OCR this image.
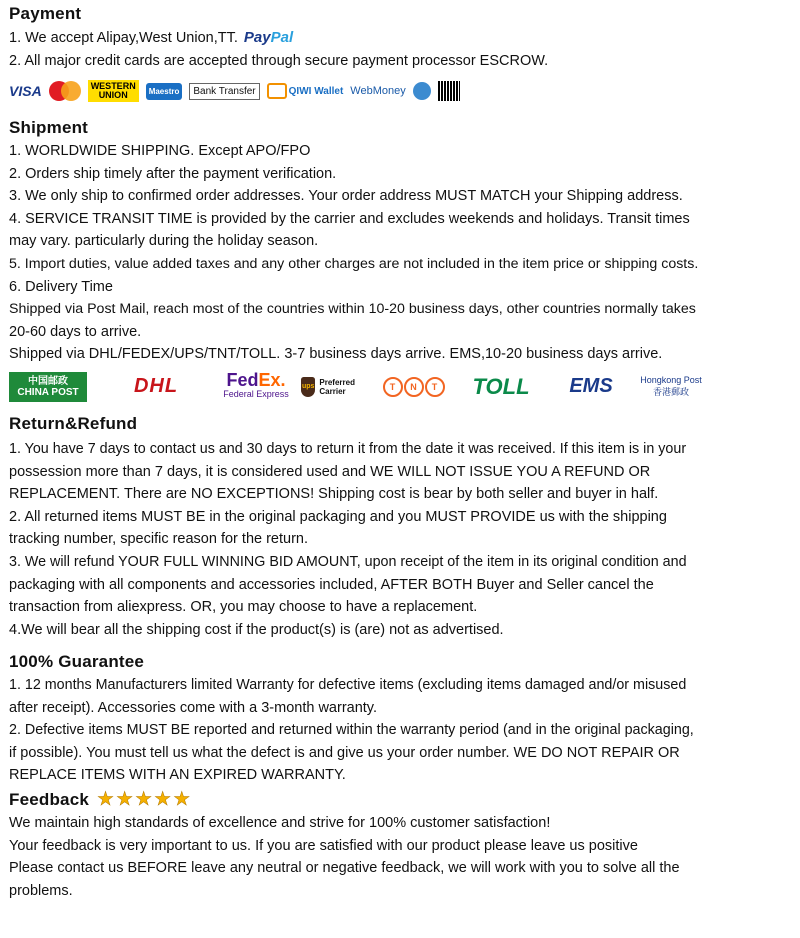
Payment

1. We accept Alipay,West Union,TT. PayPal

2. All major credit cards are accepted through secure payment processor ESCROW.

VISA	WESTERN
UNION	Maestro	Bank Transfer	QIWI Wallet WebMoney

Shipment

1. WORLDWIDE SHIPPING. Except APO/FPO

2. Orders ship timely after the payment verification.

3. We only ship to confirmed order addresses. Your order address MUST MATCH your Shipping address.

4. SERVICE TRANSIT TIME is provided by the carrier and excludes weekends and holidays. Transit times

may vary. particularly during the holiday season.

5. Import duties, value added taxes and any other charges are not included in the item price or shipping costs.

6. Delivery Time

Shipped via Post Mail, reach most of the countries within 10-20 business days, other countries normally takes

20-60 days to arrive.

Shipped via DHL/FEDEX/UPS/TNT/TOLL. 3-7 business days arrive. EMS,10-20 business days arrive.

中国邮政
CHINA POST	DHL	FedEx.
Federal Express
ups Preferred Carrier	T	N	T	TOLL	EMS	Hongkong Post
香港郵政

Return&Refund

1. You have 7 days to contact us and 30 days to return it from the date it was received. If this item is in your

possession more than 7 days, it is considered used and WE WILL NOT ISSUE YOU A REFUND OR

REPLACEMENT. There are NO EXCEPTIONS! Shipping cost is bear by both seller and buyer in half.

2. All returned items MUST BE in the original packaging and you MUST PROVIDE us with the shipping

tracking number, specific reason for the return.

3. We will refund YOUR FULL WINNING BID AMOUNT, upon receipt of the item in its original condition and

packaging with all components and accessories included, AFTER BOTH Buyer and Seller cancel the

transaction from aliexpress. OR, you may choose to have a replacement.

4.We will bear all the shipping cost if the product(s) is (are) not as advertised.

100% Guarantee

1. 12 months Manufacturers limited Warranty for defective items (excluding items damaged and/or misused

after receipt). Accessories come with a 3-month warranty.

2. Defective items MUST BE reported and returned within the warranty period (and in the original packaging,

if possible). You must tell us what the defect is and give us your order number. WE DO NOT REPAIR OR

REPLACE ITEMS WITH AN EXPIRED WARRANTY.

Feedback ★ ★ ★ ★ ★

We maintain high standards of excellence and strive for 100% customer satisfaction!

Your feedback is very important to us. If you are satisfied with our product please leave us positive

Please contact us BEFORE leave any neutral or negative feedback, we will work with you to solve all the

problems.
